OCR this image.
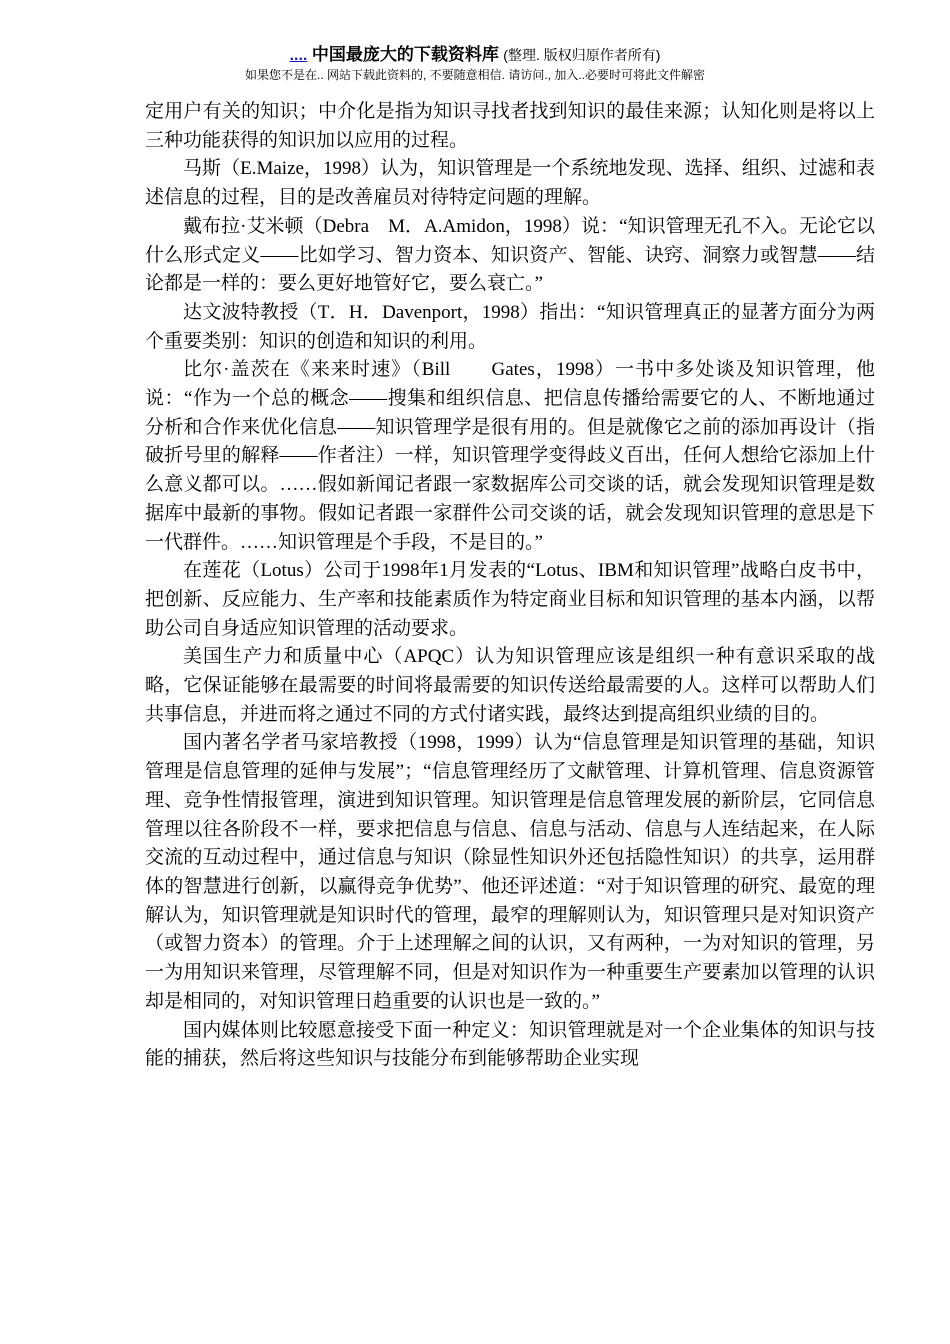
.... 中国最庞大的下载资料库 (整理. 版权归原作者所有)
如果您不是在.. 网站下载此资料的, 不要随意相信. 请访问., 加入..必要时可将此文件解密

定用户有关的知识；中介化是指为知识寻找者找到知识的最佳来源；认知化则是将以上三种功能获得的知识加以应用的过程。

马斯（E.Maize，1998）认为，知识管理是一个系统地发现、选择、组织、过滤和表述信息的过程，目的是改善雇员对待特定问题的理解。

戴布拉·艾米顿（Debra　M．A.Amidon，1998）说：“知识管理无孔不入。无论它以什么形式定义——比如学习、智力资本、知识资产、智能、诀窍、洞察力或智慧——结论都是一样的：要么更好地管好它，要么衰亡。”

达文波特教授（T．H．Davenport，1998）指出：“知识管理真正的显著方面分为两个重要类别：知识的创造和知识的利用。

比尔·盖茨在《来来时速》（Bill　　Gates，1998）一书中多处谈及知识管理，他说：“作为一个总的概念——搜集和组织信息、把信息传播给需要它的人、不断地通过分析和合作来优化信息——知识管理学是很有用的。但是就像它之前的添加再设计（指破折号里的解释——作者注）一样，知识管理学变得歧义百出，任何人想给它添加上什么意义都可以。……假如新闻记者跟一家数据库公司交谈的话，就会发现知识管理是数据库中最新的事物。假如记者跟一家群件公司交谈的话，就会发现知识管理的意思是下一代群件。……知识管理是个手段，不是目的。”

在莲花（Lotus）公司于1998年1月发表的“Lotus、IBM和知识管理”战略白皮书中，把创新、反应能力、生产率和技能素质作为特定商业目标和知识管理的基本内涵，以帮助公司自身适应知识管理的活动要求。

美国生产力和质量中心（APQC）认为知识管理应该是组织一种有意识采取的战略，它保证能够在最需要的时间将最需要的知识传送给最需要的人。这样可以帮助人们共事信息，并进而将之通过不同的方式付诸实践，最终达到提高组织业绩的目的。

国内著名学者马家培教授（1998，1999）认为“信息管理是知识管理的基础，知识管理是信息管理的延伸与发展”；“信息管理经历了文献管理、计算机管理、信息资源管理、竞争性情报管理，演进到知识管理。知识管理是信息管理发展的新阶层，它同信息管理以往各阶段不一样，要求把信息与信息、信息与活动、信息与人连结起来，在人际交流的互动过程中，通过信息与知识（除显性知识外还包括隐性知识）的共享，运用群体的智慧进行创新，以赢得竞争优势”、他还评述道：“对于知识管理的研究、最宽的理解认为，知识管理就是知识时代的管理，最窄的理解则认为，知识管理只是对知识资产（或智力资本）的管理。介于上述理解之间的认识，又有两种，一为对知识的管理，另一为用知识来管理，尽管理解不同，但是对知识作为一种重要生产要素加以管理的认识却是相同的，对知识管理日趋重要的认识也是一致的。”

国内媒体则比较愿意接受下面一种定义：知识管理就是对一个企业集体的知识与技能的捕获，然后将这些知识与技能分布到能够帮助企业实现
